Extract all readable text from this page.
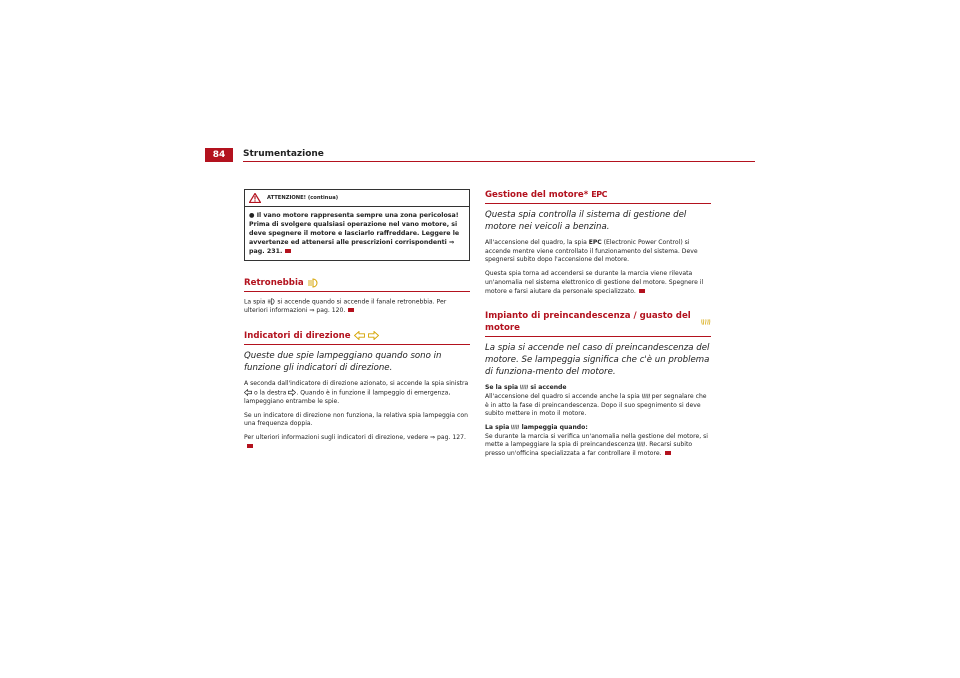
84	Strumentazione
ATTENZIONE! (continua)
● Il vano motore rappresenta sempre una zona pericolosa! Prima di svolgere qualsiasi operazione nel vano motore, si deve spegnere il motore e lasciarlo raffreddare. Leggere le avvertenze ed attenersi alle prescrizioni corrispondenti ⇒ pag. 231.
Retronebbia

La spia si accende quando si accende il fanale retronebbia. Per ulteriori informazioni ⇒ pag. 120.

Indicatori di direzione
Queste due spie lampeggiano quando sono in funzione gli indicatori di direzione.

A seconda dall'indicatore di direzione azionato, si accende la spia sinistra  o la destra . Quando è in funzione il lampeggio di emergenza, lampeggiano entrambe le spie.

Se un indicatore di direzione non funziona, la relativa spia lampeggia con una frequenza doppia.

Per ulteriori informazioni sugli indicatori di direzione, vedere ⇒ pag. 127.

Gestione del motore* EPC
Questa spia controlla il sistema di gestione del motore nei veicoli a benzina.

All'accensione del quadro, la spia EPC (Electronic Power Control) si accende mentre viene controllato il funzionamento del sistema. Deve spegnersi subito dopo l'accensione del motore.

Questa spia torna ad accendersi se durante la marcia viene rilevata un'anomalia nel sistema elettronico di gestione del motore. Spegnere il motore e farsi aiutare da personale specializzato.

Impianto di preincandescenza / guasto del motore
La spia si accende nel caso di preincandescenza del motore. Se lampeggia significa che c'è un problema di funziona-mento del motore.
Se la spia si accende

All'accensione del quadro si accende anche la spia per segnalare che è in atto la fase di preincandescenza. Dopo il suo spegnimento si deve subito mettere in moto il motore.

La spia lampeggia quando:

Se durante la marcia si verifica un'anomalia nella gestione del motore, si mette a lampeggiare la spia di preincandescenza . Recarsi subito presso un'officina specializzata a far controllare il motore.
